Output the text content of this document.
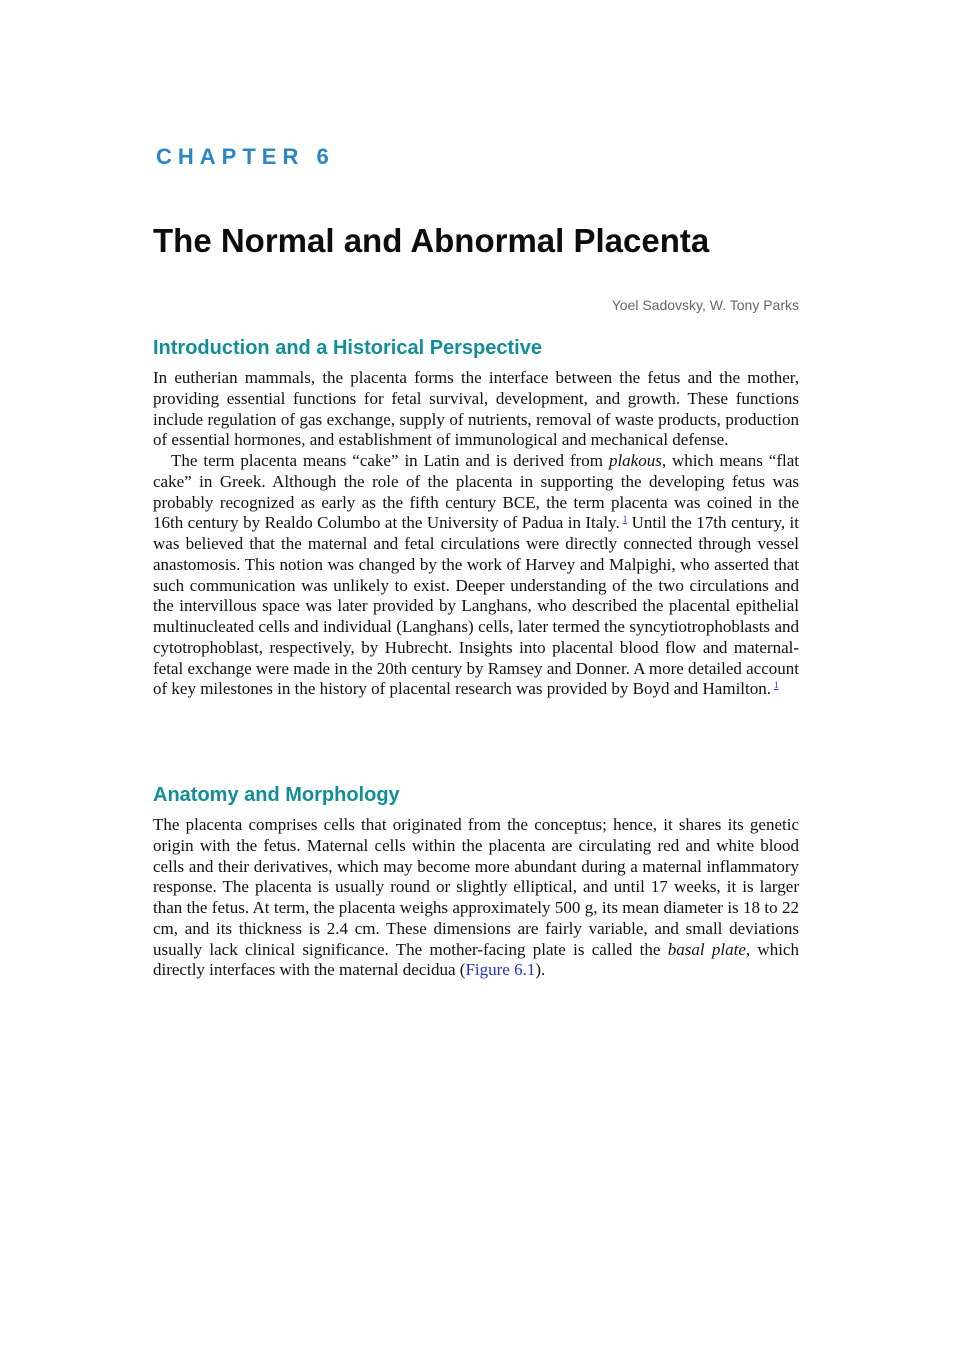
CHAPTER 6
The Normal and Abnormal Placenta
Yoel Sadovsky, W. Tony Parks
Introduction and a Historical Perspective

In eutherian mammals, the placenta forms the interface between the fetus and the mother, providing essential functions for fetal survival, development, and growth. These functions include regulation of gas exchange, supply of nutrients, removal of waste products, production of essential hormones, and establishment of immunological and mechanical defense.

The term placenta means “cake” in Latin and is derived from plakous, which means “flat cake” in Greek. Although the role of the placenta in supporting the developing fetus was probably recognized as early as the fifth century BCE, the term placenta was coined in the 16th century by Realdo Columbo at the University of Padua in Italy. $^1$ Until the 17th century, it was believed that the maternal and fetal circulations were directly connected through vessel anastomosis. This notion was changed by the work of Harvey and Malpighi, who asserted that such communication was unlikely to exist. Deeper understanding of the two circulations and the intervillous space was later provided by Langhans, who described the placental epithelial multinucleated cells and individual (Langhans) cells, later termed the syncytiotrophoblasts and cytotrophoblast, respectively, by Hubrecht. Insights into placental blood flow and maternal-fetal exchange were made in the 20th century by Ramsey and Donner. A more detailed account of key milestones in the history of placental research was provided by Boyd and Hamilton. $^1$

Anatomy and Morphology

The placenta comprises cells that originated from the conceptus; hence, it shares its genetic origin with the fetus. Maternal cells within the placenta are circulating red and white blood cells and their derivatives, which may become more abundant during a maternal inflammatory response. The placenta is usually round or slightly elliptical, and until 17 weeks, it is larger than the fetus. At term, the placenta weighs approximately 500 g, its mean diameter is 18 to 22 cm, and its thickness is 2.4 cm. These dimensions are fairly variable, and small deviations usually lack clinical significance. The mother-facing plate is called the basal plate, which directly interfaces with the maternal decidua (Figure 6.1).
